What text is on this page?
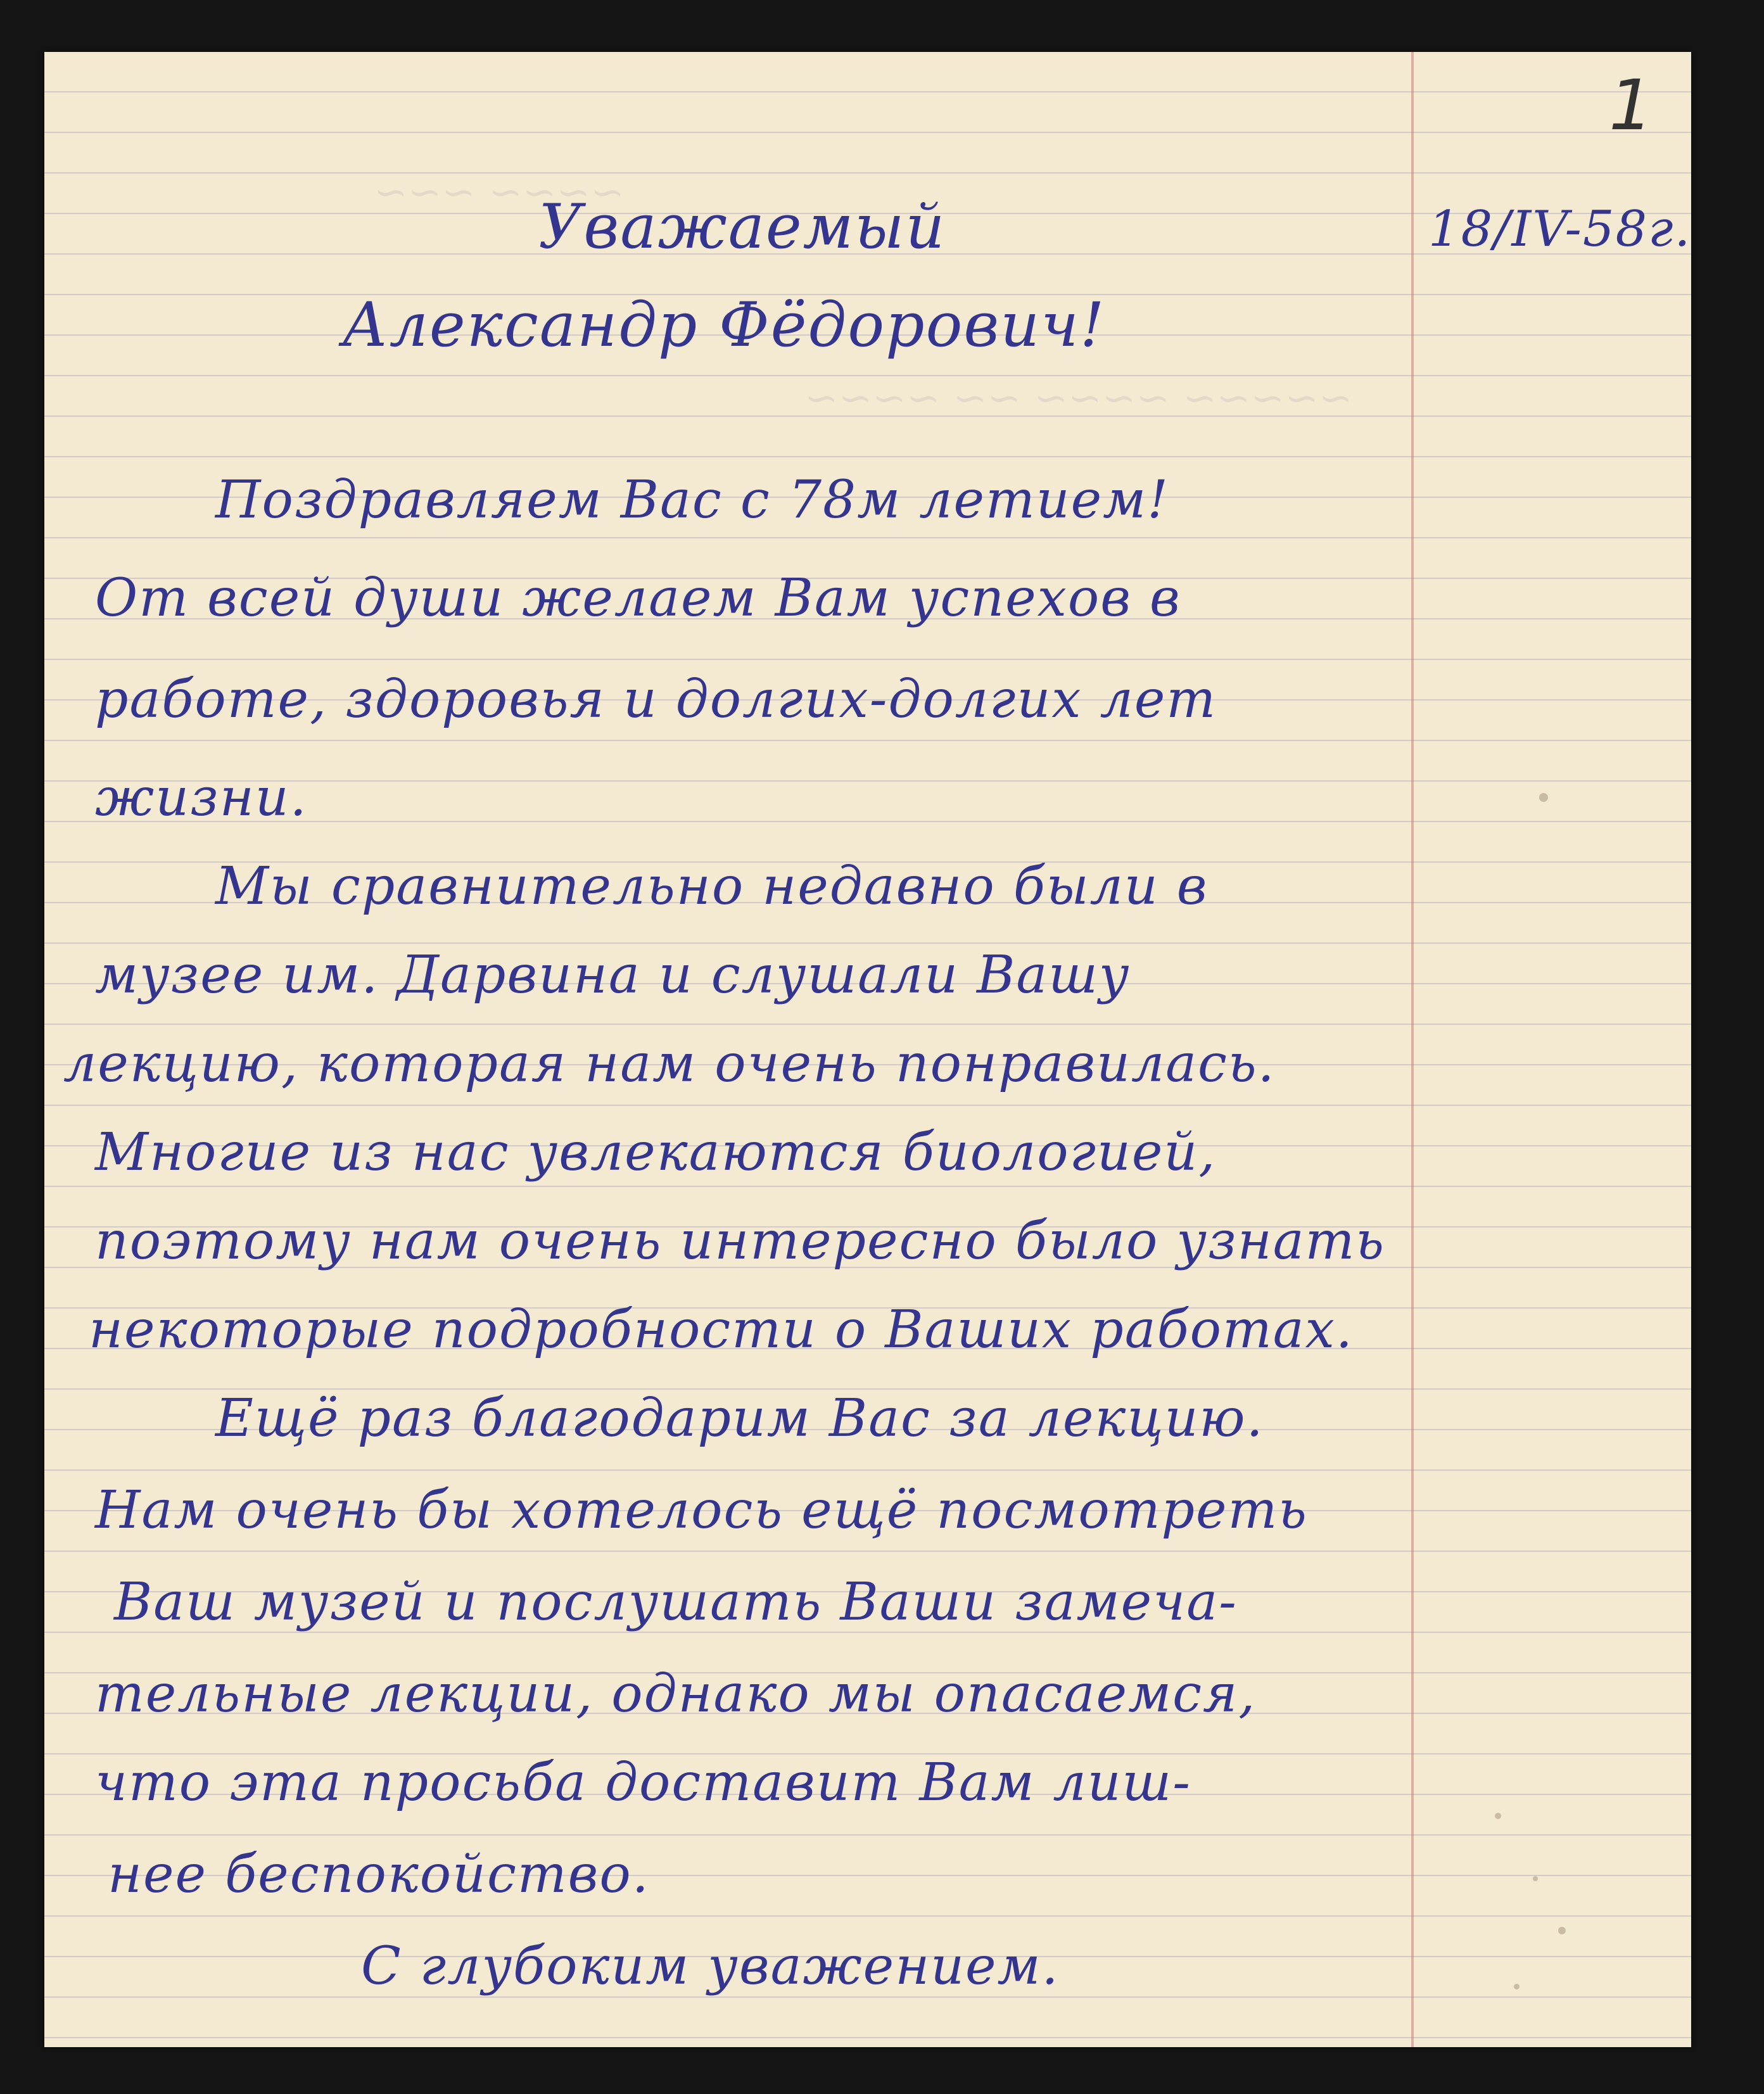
~~~~ ~~~
~~~~~ ~~~~ ~~ ~~~~
1
18/IV-58г.
Уважаемый
Александр Фёдорович!
Поздравляем Вас с 78м летием!
От всей души желаем Вам успехов в
работе, здоровья и долгих-долгих лет
жизни.
Мы сравнительно недавно были в
музее им. Дарвина и слушали Вашу
лекцию, которая нам очень понравилась.
Многие из нас увлекаются биологией,
поэтому нам очень интересно было узнать
некоторые подробности о Ваших работах.
Ещё раз благодарим Вас за лекцию.
Нам очень бы хотелось ещё посмотреть
Ваш музей и послушать Ваши замеча-
тельные лекции, однако мы опасаемся,
что эта просьба доставит Вам лиш-
нее беспокойство.
С глубоким уважением.
